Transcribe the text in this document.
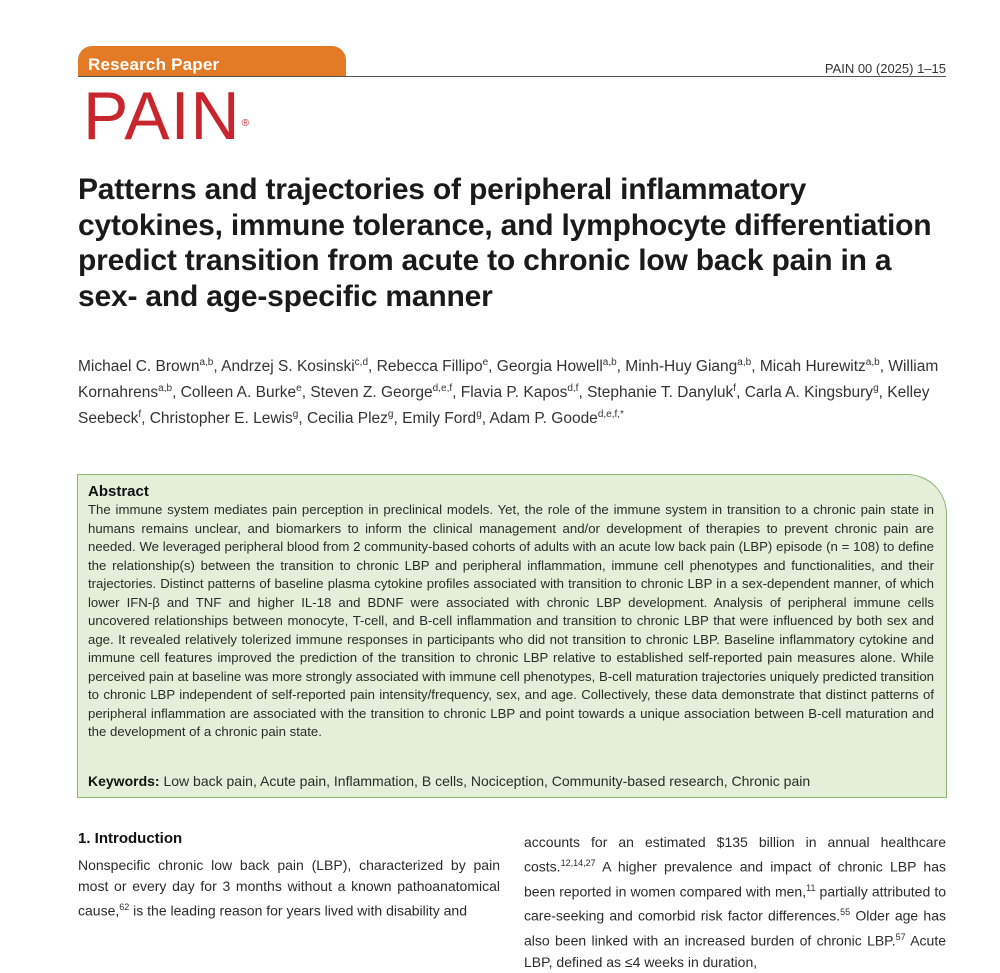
Research Paper	PAIN 00 (2025) 1–15
PAIN®
Patterns and trajectories of peripheral inflammatory cytokines, immune tolerance, and lymphocyte differentiation predict transition from acute to chronic low back pain in a sex- and age-specific manner
Michael C. Brown$^{a,b}$, Andrzej S. Kosinski$^{c,d}$, Rebecca Fillipo$^e$, Georgia Howell$^{a,b}$, Minh-Huy Giang$^{a,b}$, Micah Hurewitz$^{a,b}$, William Kornahrens$^{a,b}$, Colleen A. Burke$^e$, Steven Z. George$^{d,e,f}$, Flavia P. Kapos$^{d,f}$, Stephanie T. Danyluk$^f$, Carla A. Kingsbury$^g$, Kelley Seebeck$^f$, Christopher E. Lewis$^g$, Cecilia Plez$^g$, Emily Ford$^g$, Adam P. Goode$^{d,e,f,*}$
Abstract

The immune system mediates pain perception in preclinical models. Yet, the role of the immune system in transition to a chronic pain state in humans remains unclear, and biomarkers to inform the clinical management and/or development of therapies to prevent chronic pain are needed. We leveraged peripheral blood from 2 community-based cohorts of adults with an acute low back pain (LBP) episode (n = 108) to define the relationship(s) between the transition to chronic LBP and peripheral inflammation, immune cell phenotypes and functionalities, and their trajectories. Distinct patterns of baseline plasma cytokine profiles associated with transition to chronic LBP in a sex-dependent manner, of which lower IFN-β and TNF and higher IL-18 and BDNF were associated with chronic LBP development. Analysis of peripheral immune cells uncovered relationships between monocyte, T-cell, and B-cell inflammation and transition to chronic LBP that were influenced by both sex and age. It revealed relatively tolerized immune responses in participants who did not transition to chronic LBP. Baseline inflammatory cytokine and immune cell features improved the prediction of the transition to chronic LBP relative to established self-reported pain measures alone. While perceived pain at baseline was more strongly associated with immune cell phenotypes, B-cell maturation trajectories uniquely predicted transition to chronic LBP independent of self-reported pain intensity/frequency, sex, and age. Collectively, these data demonstrate that distinct patterns of peripheral inflammation are associated with the transition to chronic LBP and point towards a unique association between B-cell maturation and the development of a chronic pain state.

Keywords: Low back pain, Acute pain, Inflammation, B cells, Nociception, Community-based research, Chronic pain
1. Introduction

Nonspecific chronic low back pain (LBP), characterized by pain most or every day for 3 months without a known pathoanatomical cause,$^{62}$ is the leading reason for years lived with disability and

accounts for an estimated $135 billion in annual healthcare costs.$^{12,14,27}$ A higher prevalence and impact of chronic LBP has been reported in women compared with men,$^{11}$ partially attributed to care-seeking and comorbid risk factor differences.$^{55}$ Older age has also been linked with an increased burden of chronic LBP.$^{57}$ Acute LBP, defined as ≤4 weeks in duration,
